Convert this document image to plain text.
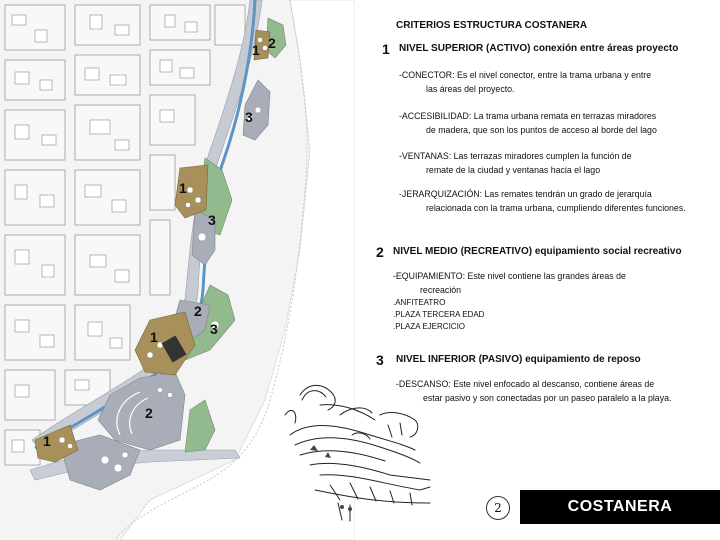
1 2
3
1
3
2
1	3
2
1
CRITERIOS ESTRUCTURA COSTANERA
1 NIVEL SUPERIOR (ACTIVO) conexión entre áreas proyecto
-CONECTOR: Es el nivel conector, entre la trama urbana y entre
las áreas del proyecto.
-ACCESIBILIDAD: La trama urbana remata en terrazas miradores
de madera, que son los puntos de acceso al borde del lago
-VENTANAS: Las terrazas miradores cumplen la función de
remate de la ciudad y ventanas hacia el lago
-JERARQUIZACIÓN: Las remates tendrán un grado de jerarquía
relacionada con la trama urbana, cumpliendo diferentes funciones.
2 NIVEL MEDIO (RECREATIVO) equipamiento social recreativo
-EQUIPAMIENTO: Este nivel contiene las grandes áreas de
recreación
.ANFITEATRO
.PLAZA TERCERA EDAD
.PLAZA EJERCICIO
3 NIVEL INFERIOR (PASIVO) equipamiento de reposo
-DESCANSO: Este nivel enfocado al descanso, contiene áreas de
estar pasivo y son conectadas por un paseo paralelo a la playa.
2	COSTANERA
